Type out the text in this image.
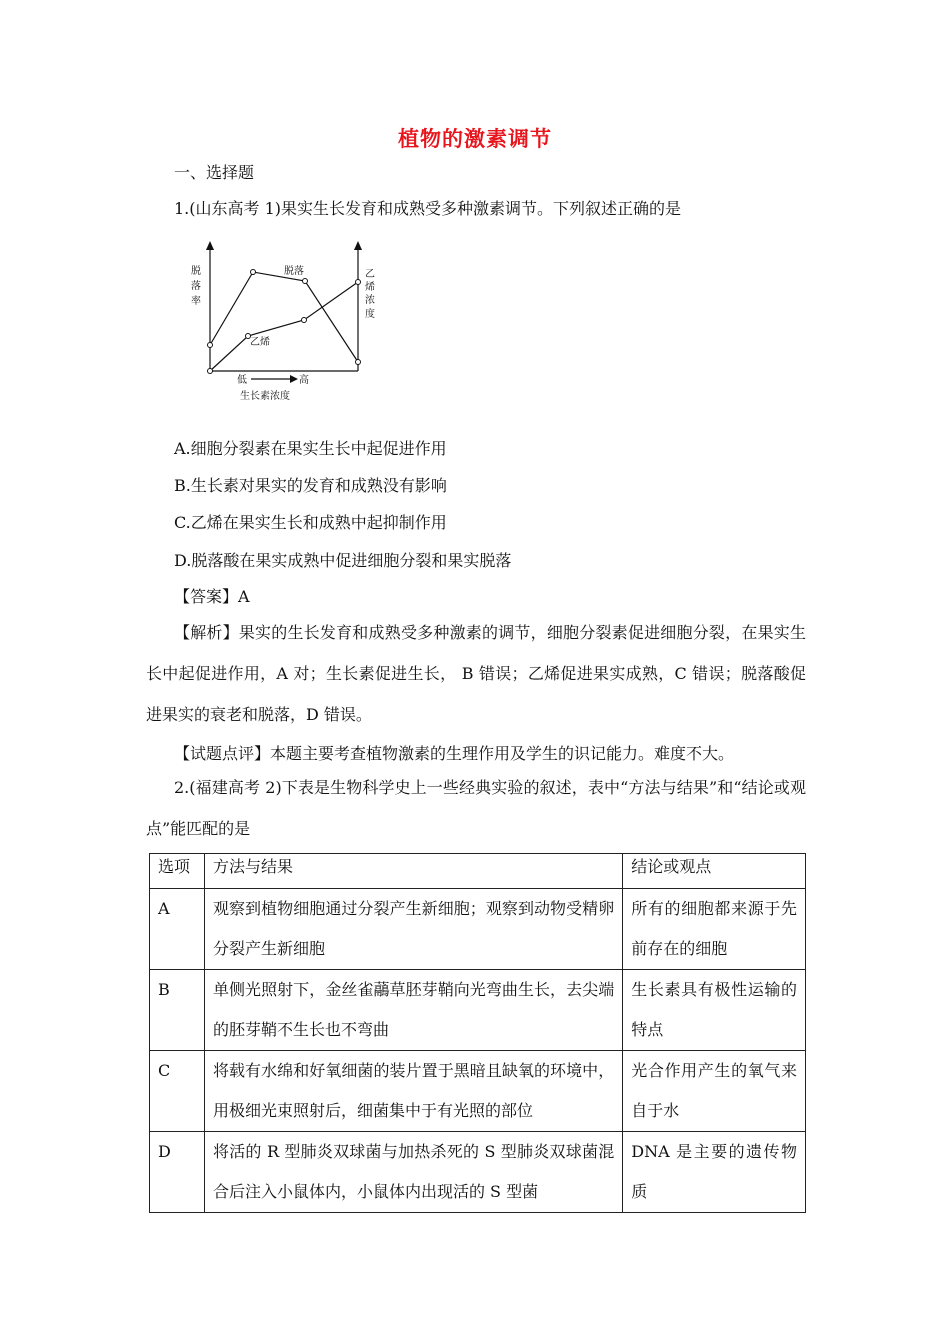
植物的激素调节
一、选择题
1.(山东高考 1)果实生长发育和成熟受多种激素调节。下列叙述正确的是
脱
落
率
乙
烯
浓
度
脱落
乙烯
低	高
生长素浓度
A.细胞分裂素在果实生长中起促进作用
B.生长素对果实的发育和成熟没有影响
C.乙烯在果实生长和成熟中起抑制作用
D.脱落酸在果实成熟中促进细胞分裂和果实脱落
【答案】A
【解析】果实的生长发育和成熟受多种激素的调节，细胞分裂素促进细胞分裂，在果实生长中起促进作用，A 对；生长素促进生长， B 错误；乙烯促进果实成熟，C 错误；脱落酸促进果实的衰老和脱落，D 错误。
【试题点评】本题主要考查植物激素的生理作用及学生的识记能力。难度不大。
2.(福建高考 2)下表是生物科学史上一些经典实验的叙述，表中“方法与结果”和“结论或观点”能匹配的是
选项	方法与结果	结论或观点
A	观察到植物细胞通过分裂产生新细胞；观察到动物受精卵分裂产生新细胞	所有的细胞都来源于先前存在的细胞
B	单侧光照射下，金丝雀虉草胚芽鞘向光弯曲生长，去尖端的胚芽鞘不生长也不弯曲	生长素具有极性运输的特点
C	将载有水绵和好氧细菌的装片置于黑暗且缺氧的环境中，用极细光束照射后，细菌集中于有光照的部位	光合作用产生的氧气来自于水
D	将活的 R 型肺炎双球菌与加热杀死的 S 型肺炎双球菌混合后注入小鼠体内，小鼠体内出现活的 S 型菌	DNA 是主要的遗传物质
